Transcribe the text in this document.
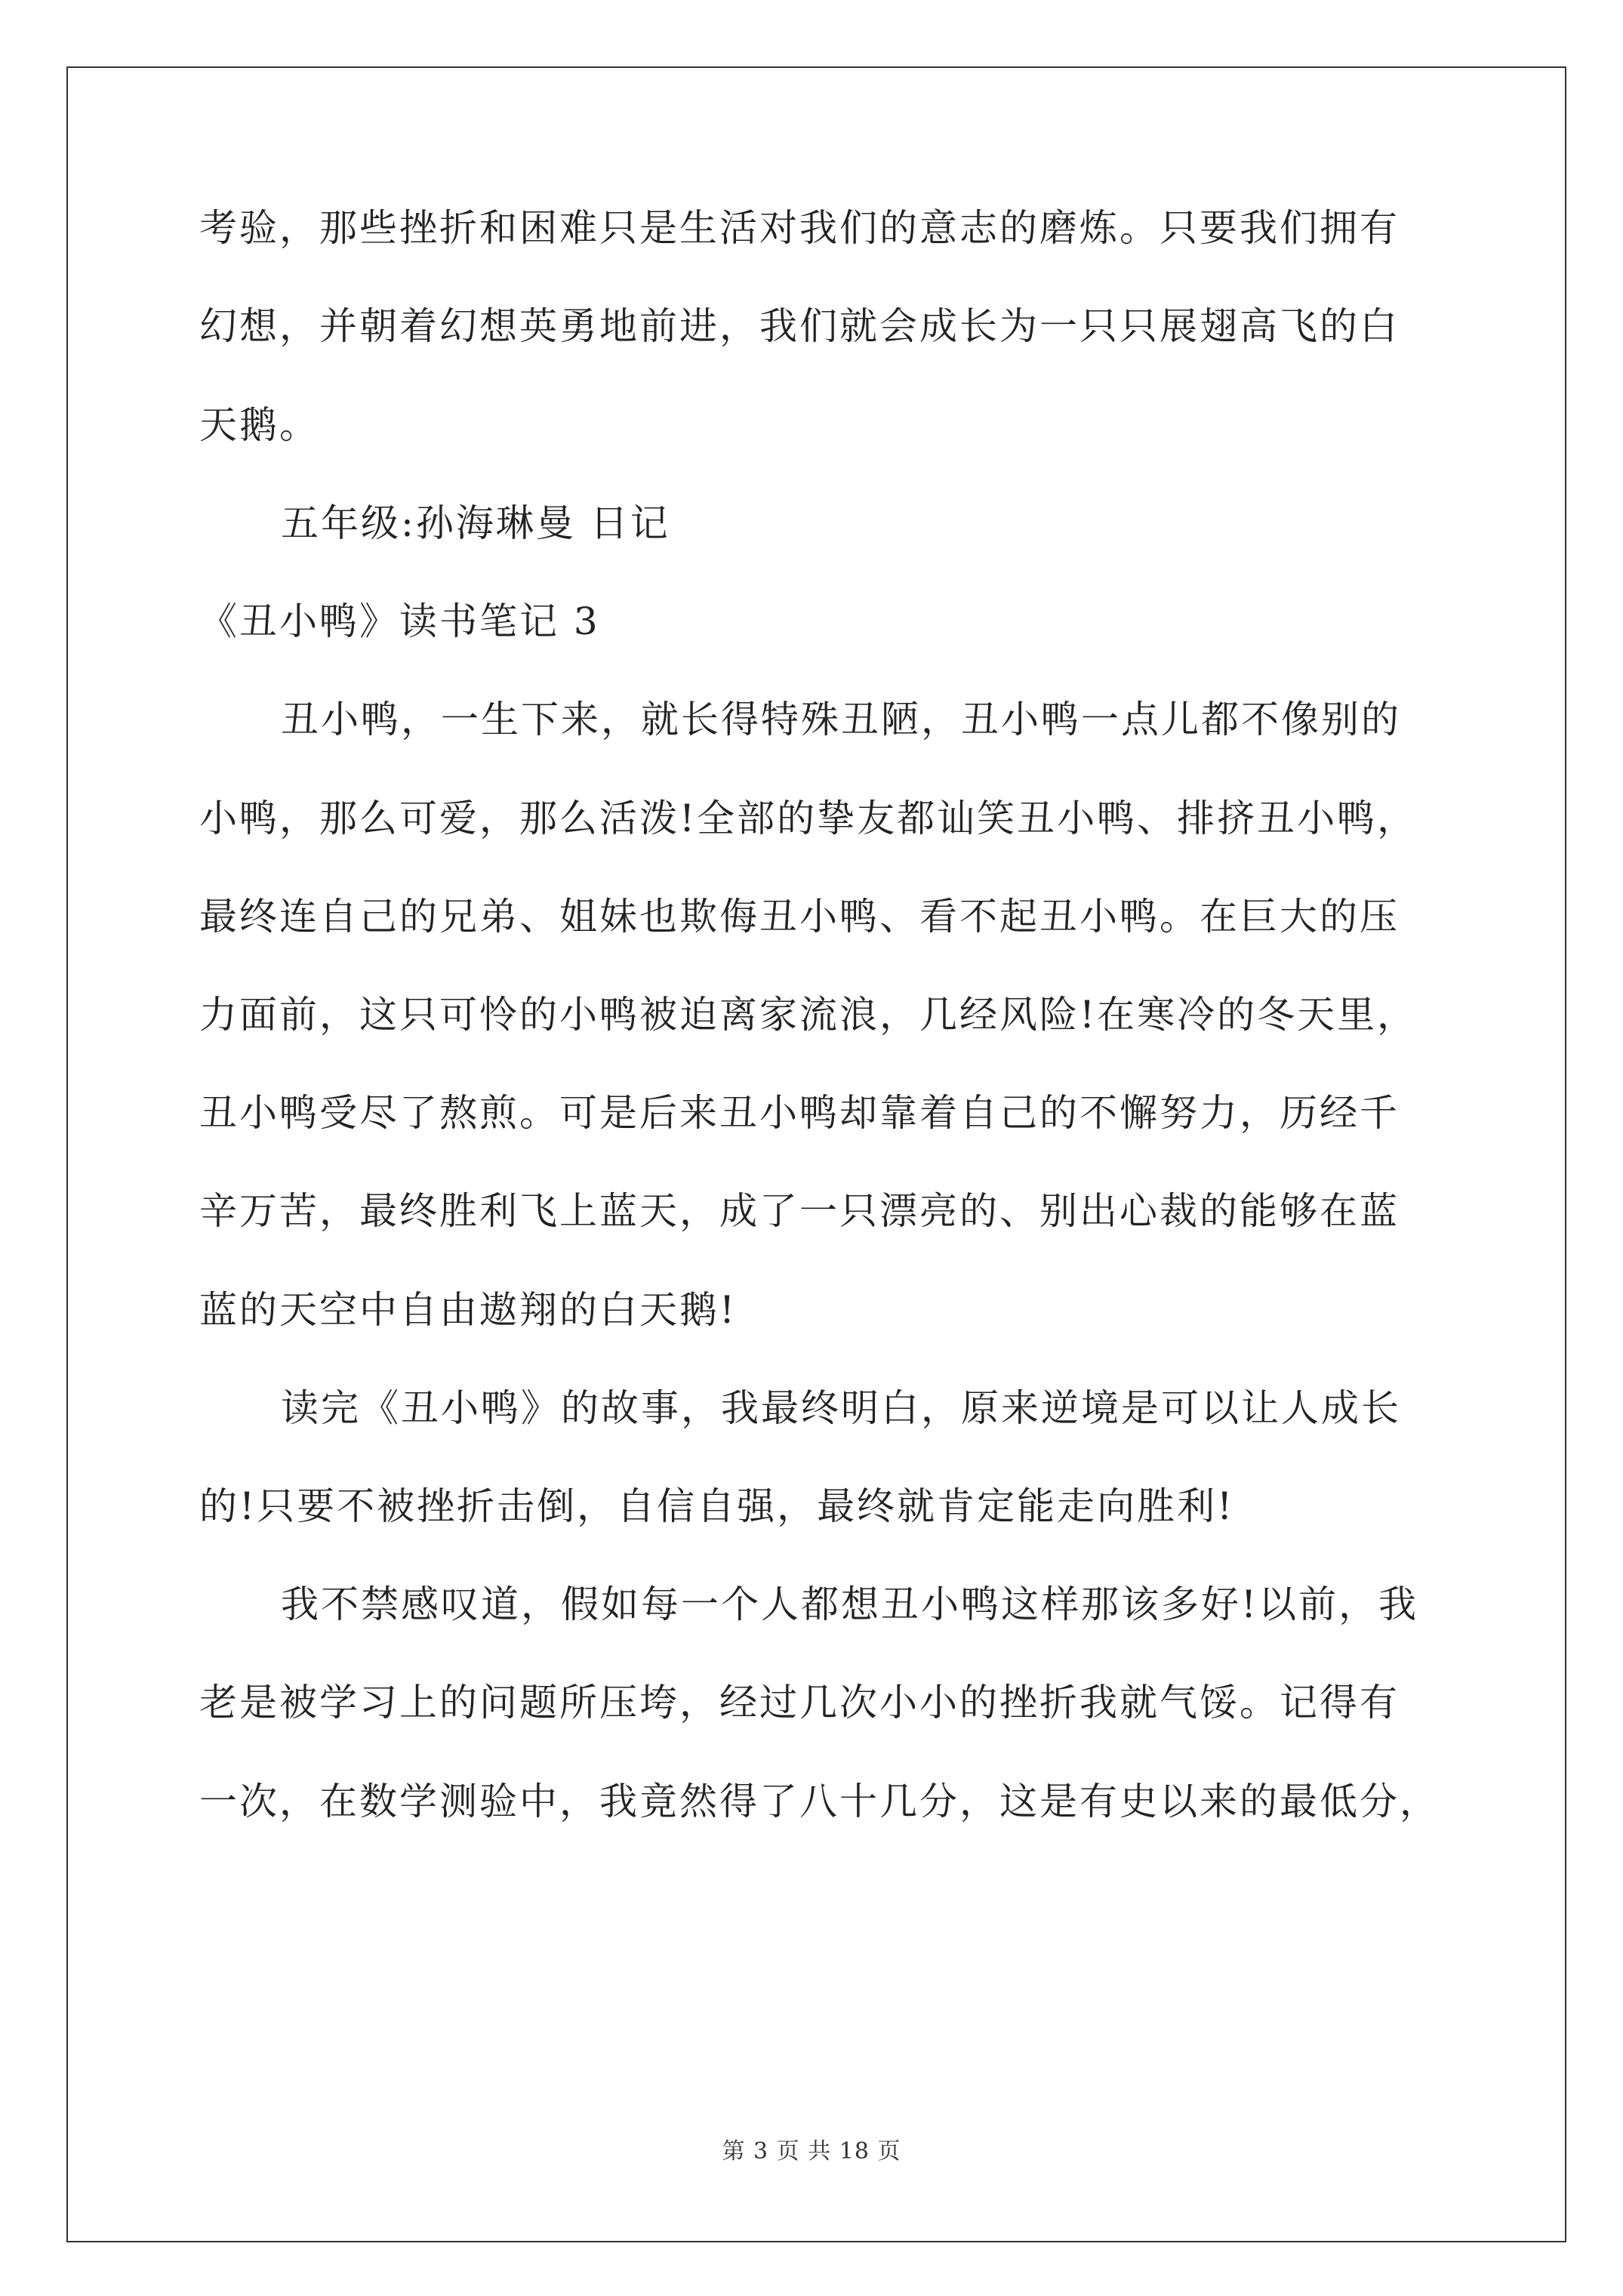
考验，那些挫折和困难只是生活对我们的意志的磨炼。只要我们拥有
幻想，并朝着幻想英勇地前进，我们就会成长为一只只展翅高飞的白
天鹅。
五年级:孙海琳曼 日记
《丑小鸭》读书笔记 3
丑小鸭，一生下来，就长得特殊丑陋，丑小鸭一点儿都不像别的
小鸭，那么可爱，那么活泼!全部的挚友都讪笑丑小鸭、排挤丑小鸭，
最终连自己的兄弟、姐妹也欺侮丑小鸭、看不起丑小鸭。在巨大的压
力面前，这只可怜的小鸭被迫离家流浪，几经风险!在寒冷的冬天里，
丑小鸭受尽了熬煎。可是后来丑小鸭却靠着自己的不懈努力，历经千
辛万苦，最终胜利飞上蓝天，成了一只漂亮的、别出心裁的能够在蓝
蓝的天空中自由遨翔的白天鹅!
读完《丑小鸭》的故事，我最终明白，原来逆境是可以让人成长
的!只要不被挫折击倒，自信自强，最终就肯定能走向胜利!
我不禁感叹道，假如每一个人都想丑小鸭这样那该多好!以前，我
老是被学习上的问题所压垮，经过几次小小的挫折我就气馁。记得有
一次，在数学测验中，我竟然得了八十几分，这是有史以来的最低分，
第 3 页 共 18 页
